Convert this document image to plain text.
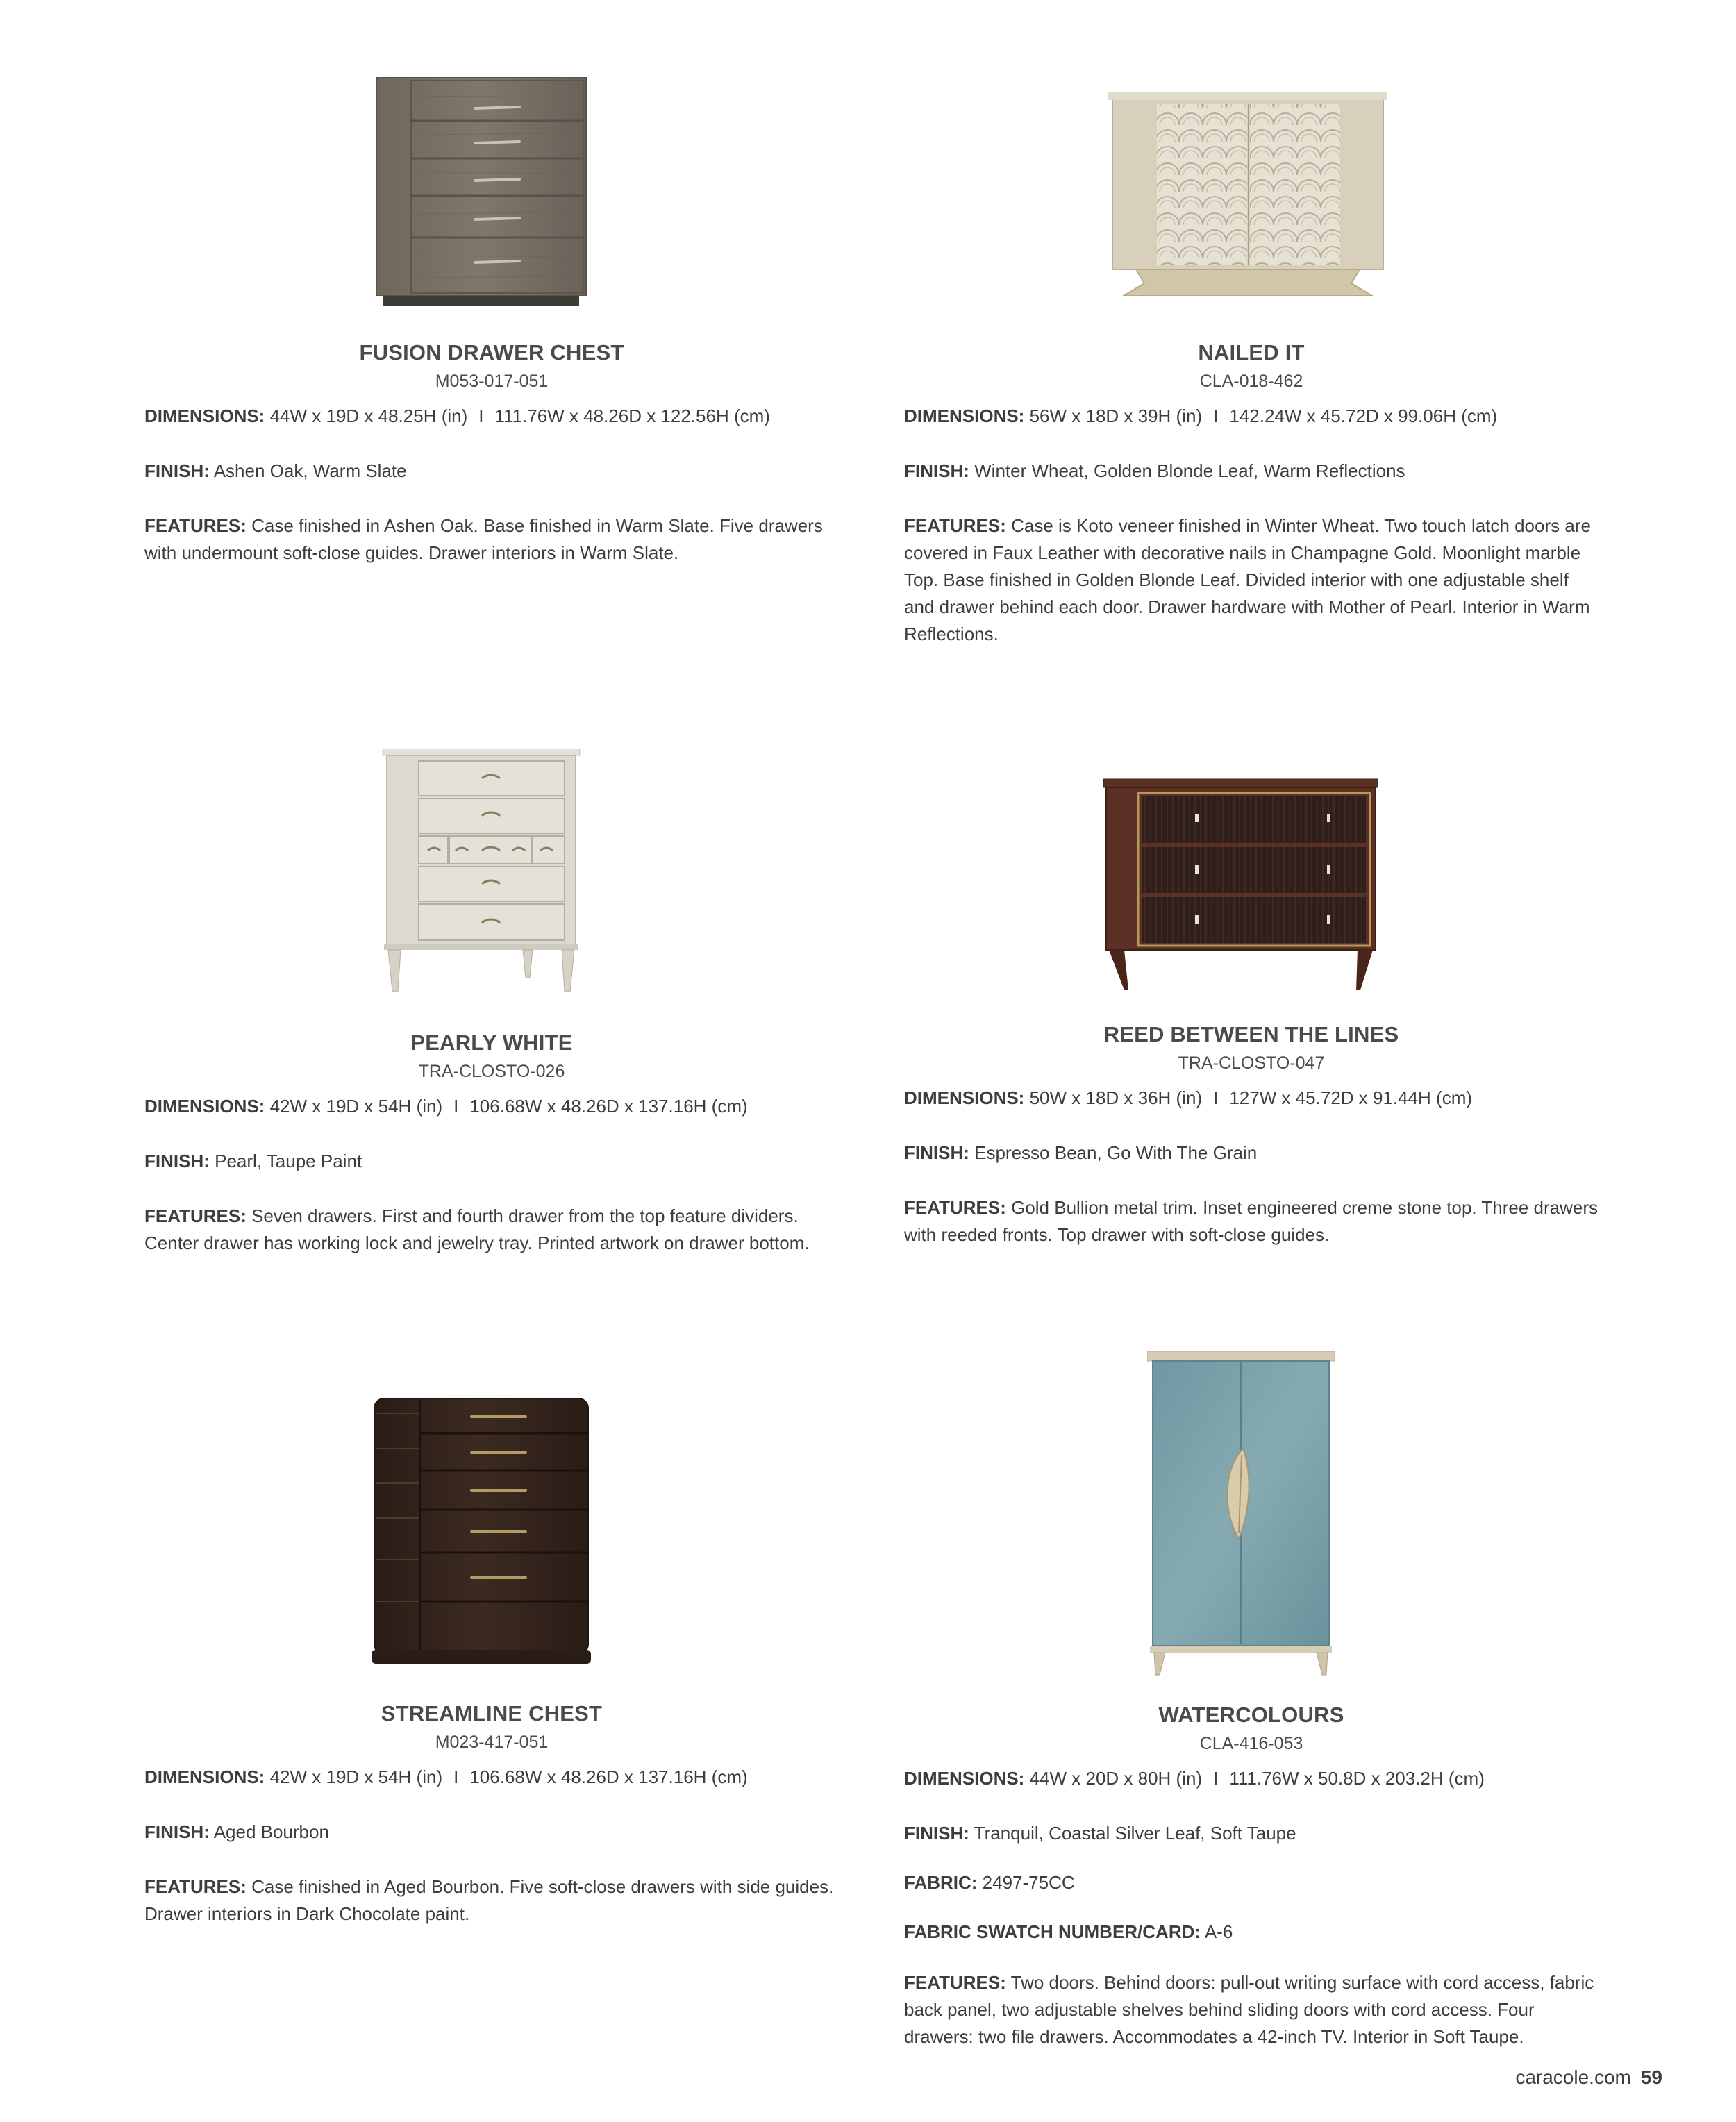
FUSION DRAWER CHEST
M053-017-051
DIMENSIONS: 44W x 19D x 48.25H (in) I 111.76W x 48.26D x 122.56H (cm)
FINISH: Ashen Oak, Warm Slate
FEATURES: Case finished in Ashen Oak. Base finished in Warm Slate. Five drawers with undermount soft-close guides. Drawer interiors in Warm Slate.
NAILED IT
CLA-018-462
DIMENSIONS: 56W x 18D x 39H (in) I 142.24W x 45.72D x 99.06H (cm)
FINISH: Winter Wheat, Golden Blonde Leaf, Warm Reflections
FEATURES: Case is Koto veneer finished in Winter Wheat. Two touch latch doors are covered in Faux Leather with decorative nails in Champagne Gold. Moonlight marble Top. Base finished in Golden Blonde Leaf. Divided interior with one adjustable shelf and drawer behind each door. Drawer hardware with Mother of Pearl. Interior in Warm Reflections.
PEARLY WHITE
TRA-CLOSTO-026
DIMENSIONS: 42W x 19D x 54H (in) I 106.68W x 48.26D x 137.16H (cm)
FINISH: Pearl, Taupe Paint
FEATURES: Seven drawers. First and fourth drawer from the top feature dividers. Center drawer has working lock and jewelry tray. Printed artwork on drawer bottom.
REED BETWEEN THE LINES
TRA-CLOSTO-047
DIMENSIONS: 50W x 18D x 36H (in) I 127W x 45.72D x 91.44H (cm)
FINISH: Espresso Bean, Go With The Grain
FEATURES: Gold Bullion metal trim. Inset engineered creme stone top. Three drawers with reeded fronts. Top drawer with soft-close guides.
STREAMLINE CHEST
M023-417-051
DIMENSIONS: 42W x 19D x 54H (in) I 106.68W x 48.26D x 137.16H (cm)
FINISH: Aged Bourbon
FEATURES: Case finished in Aged Bourbon. Five soft-close drawers with side guides. Drawer interiors in Dark Chocolate paint.
WATERCOLOURS
CLA-416-053
DIMENSIONS: 44W x 20D x 80H (in) I 111.76W x 50.8D x 203.2H (cm)
FINISH: Tranquil, Coastal Silver Leaf, Soft Taupe
FABRIC: 2497-75CC
FABRIC SWATCH NUMBER/CARD: A-6
FEATURES: Two doors. Behind doors: pull-out writing surface with cord access, fabric back panel, two adjustable shelves behind sliding doors with cord access. Four drawers: two file drawers. Accommodates a 42-inch TV. Interior in Soft Taupe.
caracole.com 59
